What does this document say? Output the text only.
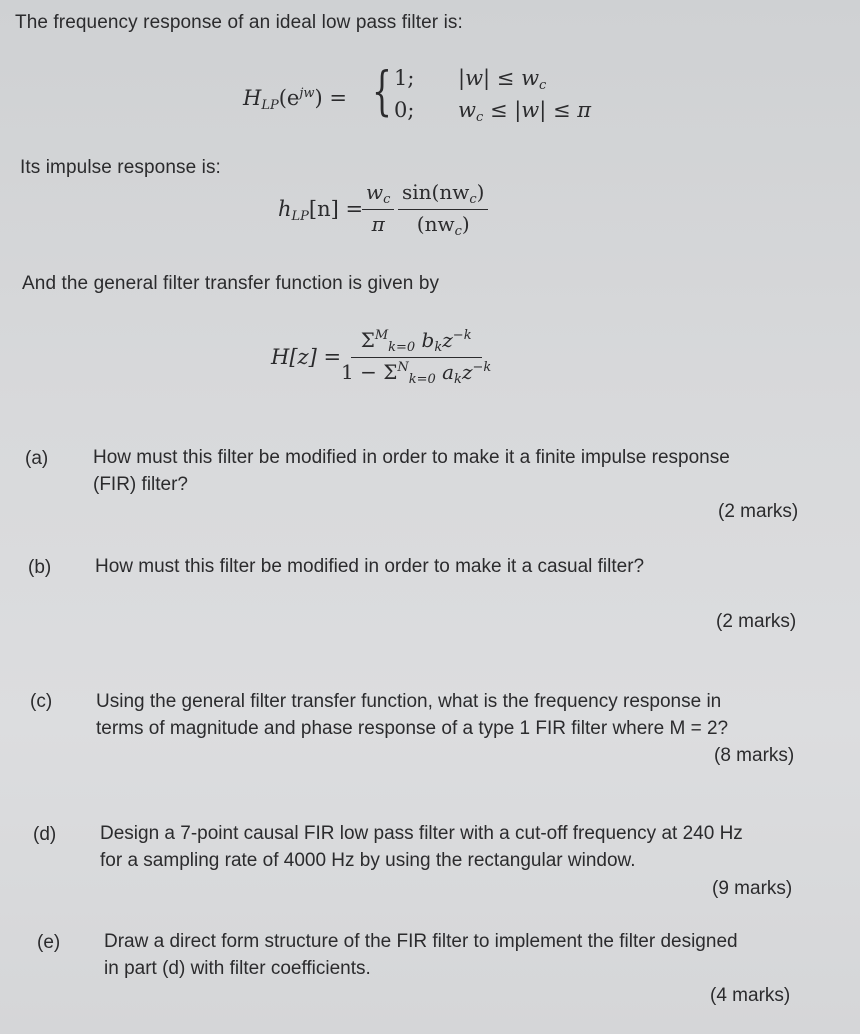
The frequency response of an ideal low pass filter is:
$H_{LP}(e^{jw})$ = { 1;
0;
$|w| \le w_c$
$w_c \le |w| \le \pi$
Its impulse response is:
$h_{LP}[n]$ =
$\frac{w_c}{\pi} \sin(nw_c)$
$(nw_c)$
And the general filter transfer function is given by
H[z] =
$\Sigma^M_{k=0}$ $b_kz^{-k}$
$1 - \Sigma^N_{k=0}$ $a_kz^{-k}$
(a) How must this filter be modified in order to make it a finite impulse response
(FIR) filter?
(2 marks)
(b) How must this filter be modified in order to make it a casual filter?
(2 marks)
(c) Using the general filter transfer function, what is the frequency response in
terms of magnitude and phase response of a type 1 FIR filter where M = 2?
(8 marks)
(d) Design a 7-point causal FIR low pass filter with a cut-off frequency at 240 Hz
for a sampling rate of 4000 Hz by using the rectangular window.
(9 marks)
(e) Draw a direct form structure of the FIR filter to implement the filter designed
in part (d) with filter coefficients.
(4 marks)
